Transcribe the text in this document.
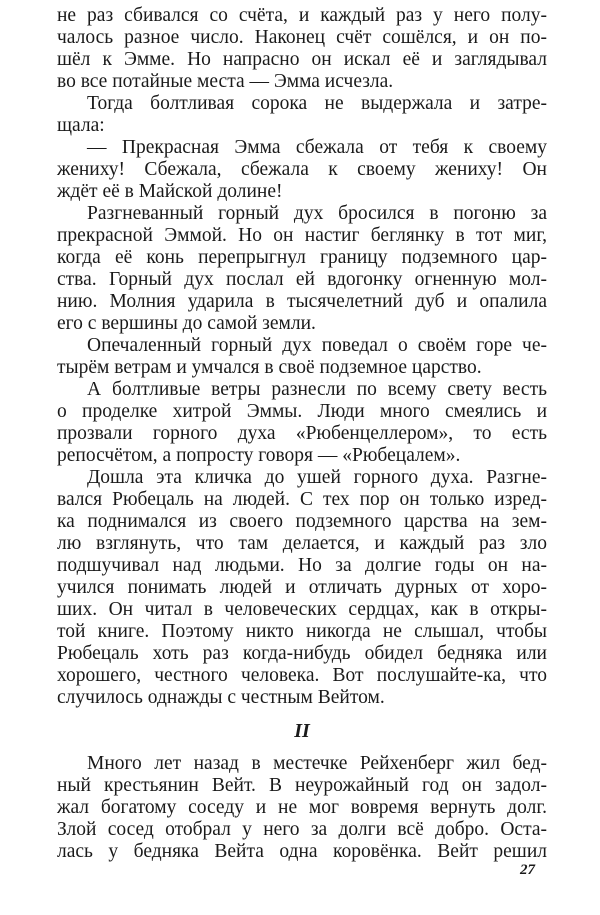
не раз сбивался со счёта, и каждый раз у него полу-
чалось разное число. Наконец счёт сошёлся, и он по-
шёл к Эмме. Но напрасно он искал её и заглядывал
во все потайные места — Эмма исчезла.
Тогда болтливая сорока не выдержала и затре-
щала:
— Прекрасная Эмма сбежала от тебя к своему
жениху! Сбежала, сбежала к своему жениху! Он
ждёт её в Майской долине!
Разгневанный горный дух бросился в погоню за
прекрасной Эммой. Но он настиг беглянку в тот миг,
когда её конь перепрыгнул границу подземного цар-
ства. Горный дух послал ей вдогонку огненную мол-
нию. Молния ударила в тысячелетний дуб и опалила
его с вершины до самой земли.
Опечаленный горный дух поведал о своём горе че-
тырём ветрам и умчался в своё подземное царство.
А болтливые ветры разнесли по всему свету весть
о проделке хитрой Эммы. Люди много смеялись и
прозвали горного духа «Рюбенцеллером», то есть
репосчётом, а попросту говоря — «Рюбецалем».
Дошла эта кличка до ушей горного духа. Разгне-
вался Рюбецаль на людей. С тех пор он только изред-
ка поднимался из своего подземного царства на зем-
лю взглянуть, что там делается, и каждый раз зло
подшучивал над людьми. Но за долгие годы он на-
учился понимать людей и отличать дурных от хоро-
ших. Он читал в человеческих сердцах, как в откры-
той книге. Поэтому никто никогда не слышал, чтобы
Рюбецаль хоть раз когда-нибудь обидел бедняка или
хорошего, честного человека. Вот послушайте-ка, что
случилось однажды с честным Вейтом.
II
Много лет назад в местечке Рейхенберг жил бед-
ный крестьянин Вейт. В неурожайный год он задол-
жал богатому соседу и не мог вовремя вернуть долг.
Злой сосед отобрал у него за долги всё добро. Оста-
лась у бедняка Вейта одна коровёнка. Вейт решил
27
